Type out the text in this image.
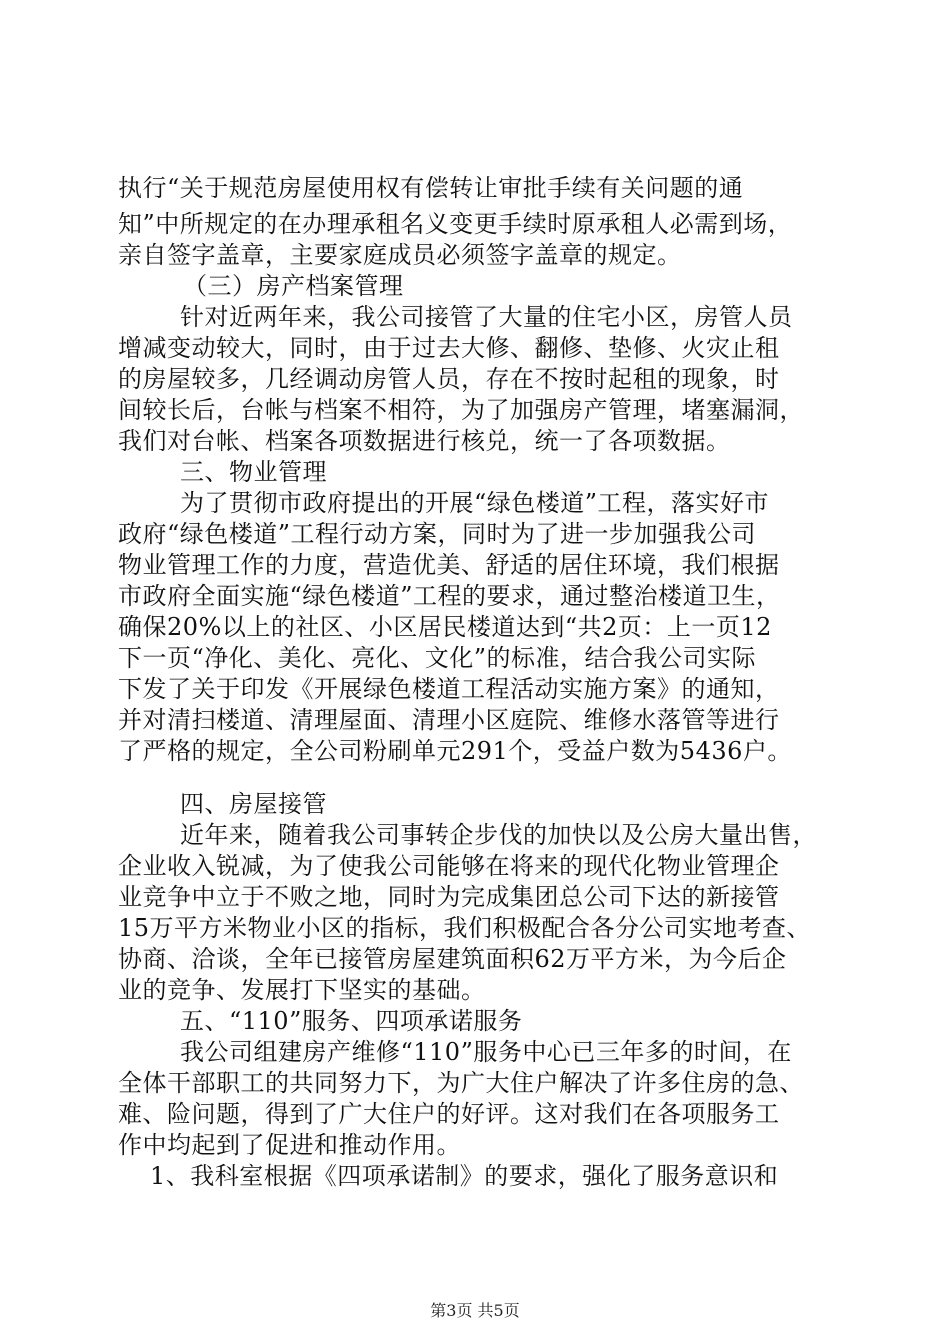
执行“关于规范房屋使用权有偿转让审批手续有关问题的通
知”中所规定的在办理承租名义变更手续时原承租人必需到场，
亲自签字盖章，主要家庭成员必须签字盖章的规定。
（三）房产档案管理
针对近两年来，我公司接管了大量的住宅小区，房管人员
增减变动较大，同时，由于过去大修、翻修、垫修、火灾止租
的房屋较多，几经调动房管人员，存在不按时起租的现象，时
间较长后，台帐与档案不相符，为了加强房产管理，堵塞漏洞，
我们对台帐、档案各项数据进行核兑，统一了各项数据。
三、物业管理
为了贯彻市政府提出的开展“绿色楼道”工程，落实好市
政府“绿色楼道”工程行动方案，同时为了进一步加强我公司
物业管理工作的力度，营造优美、舒适的居住环境，我们根据
市政府全面实施“绿色楼道”工程的要求，通过整治楼道卫生，
确保20%以上的社区、小区居民楼道达到“共2页：上一页12
下一页“净化、美化、亮化、文化”的标准，结合我公司实际
下发了关于印发《开展绿色楼道工程活动实施方案》的通知，
并对清扫楼道、清理屋面、清理小区庭院、维修水落管等进行
了严格的规定，全公司粉刷单元291个，受益户数为5436户。
四、房屋接管
近年来，随着我公司事转企步伐的加快以及公房大量出售，
企业收入锐减，为了使我公司能够在将来的现代化物业管理企
业竞争中立于不败之地，同时为完成集团总公司下达的新接管
15万平方米物业小区的指标，我们积极配合各分公司实地考查、
协商、洽谈，全年已接管房屋建筑面积62万平方米，为今后企
业的竞争、发展打下坚实的基础。
五、“110”服务、四项承诺服务
我公司组建房产维修“110”服务中心已三年多的时间，在
全体干部职工的共同努力下，为广大住户解决了许多住房的急、
难、险问题，得到了广大住户的好评。这对我们在各项服务工
作中均起到了促进和推动作用。
1、我科室根据《四项承诺制》的要求，强化了服务意识和
第3页 共5页
